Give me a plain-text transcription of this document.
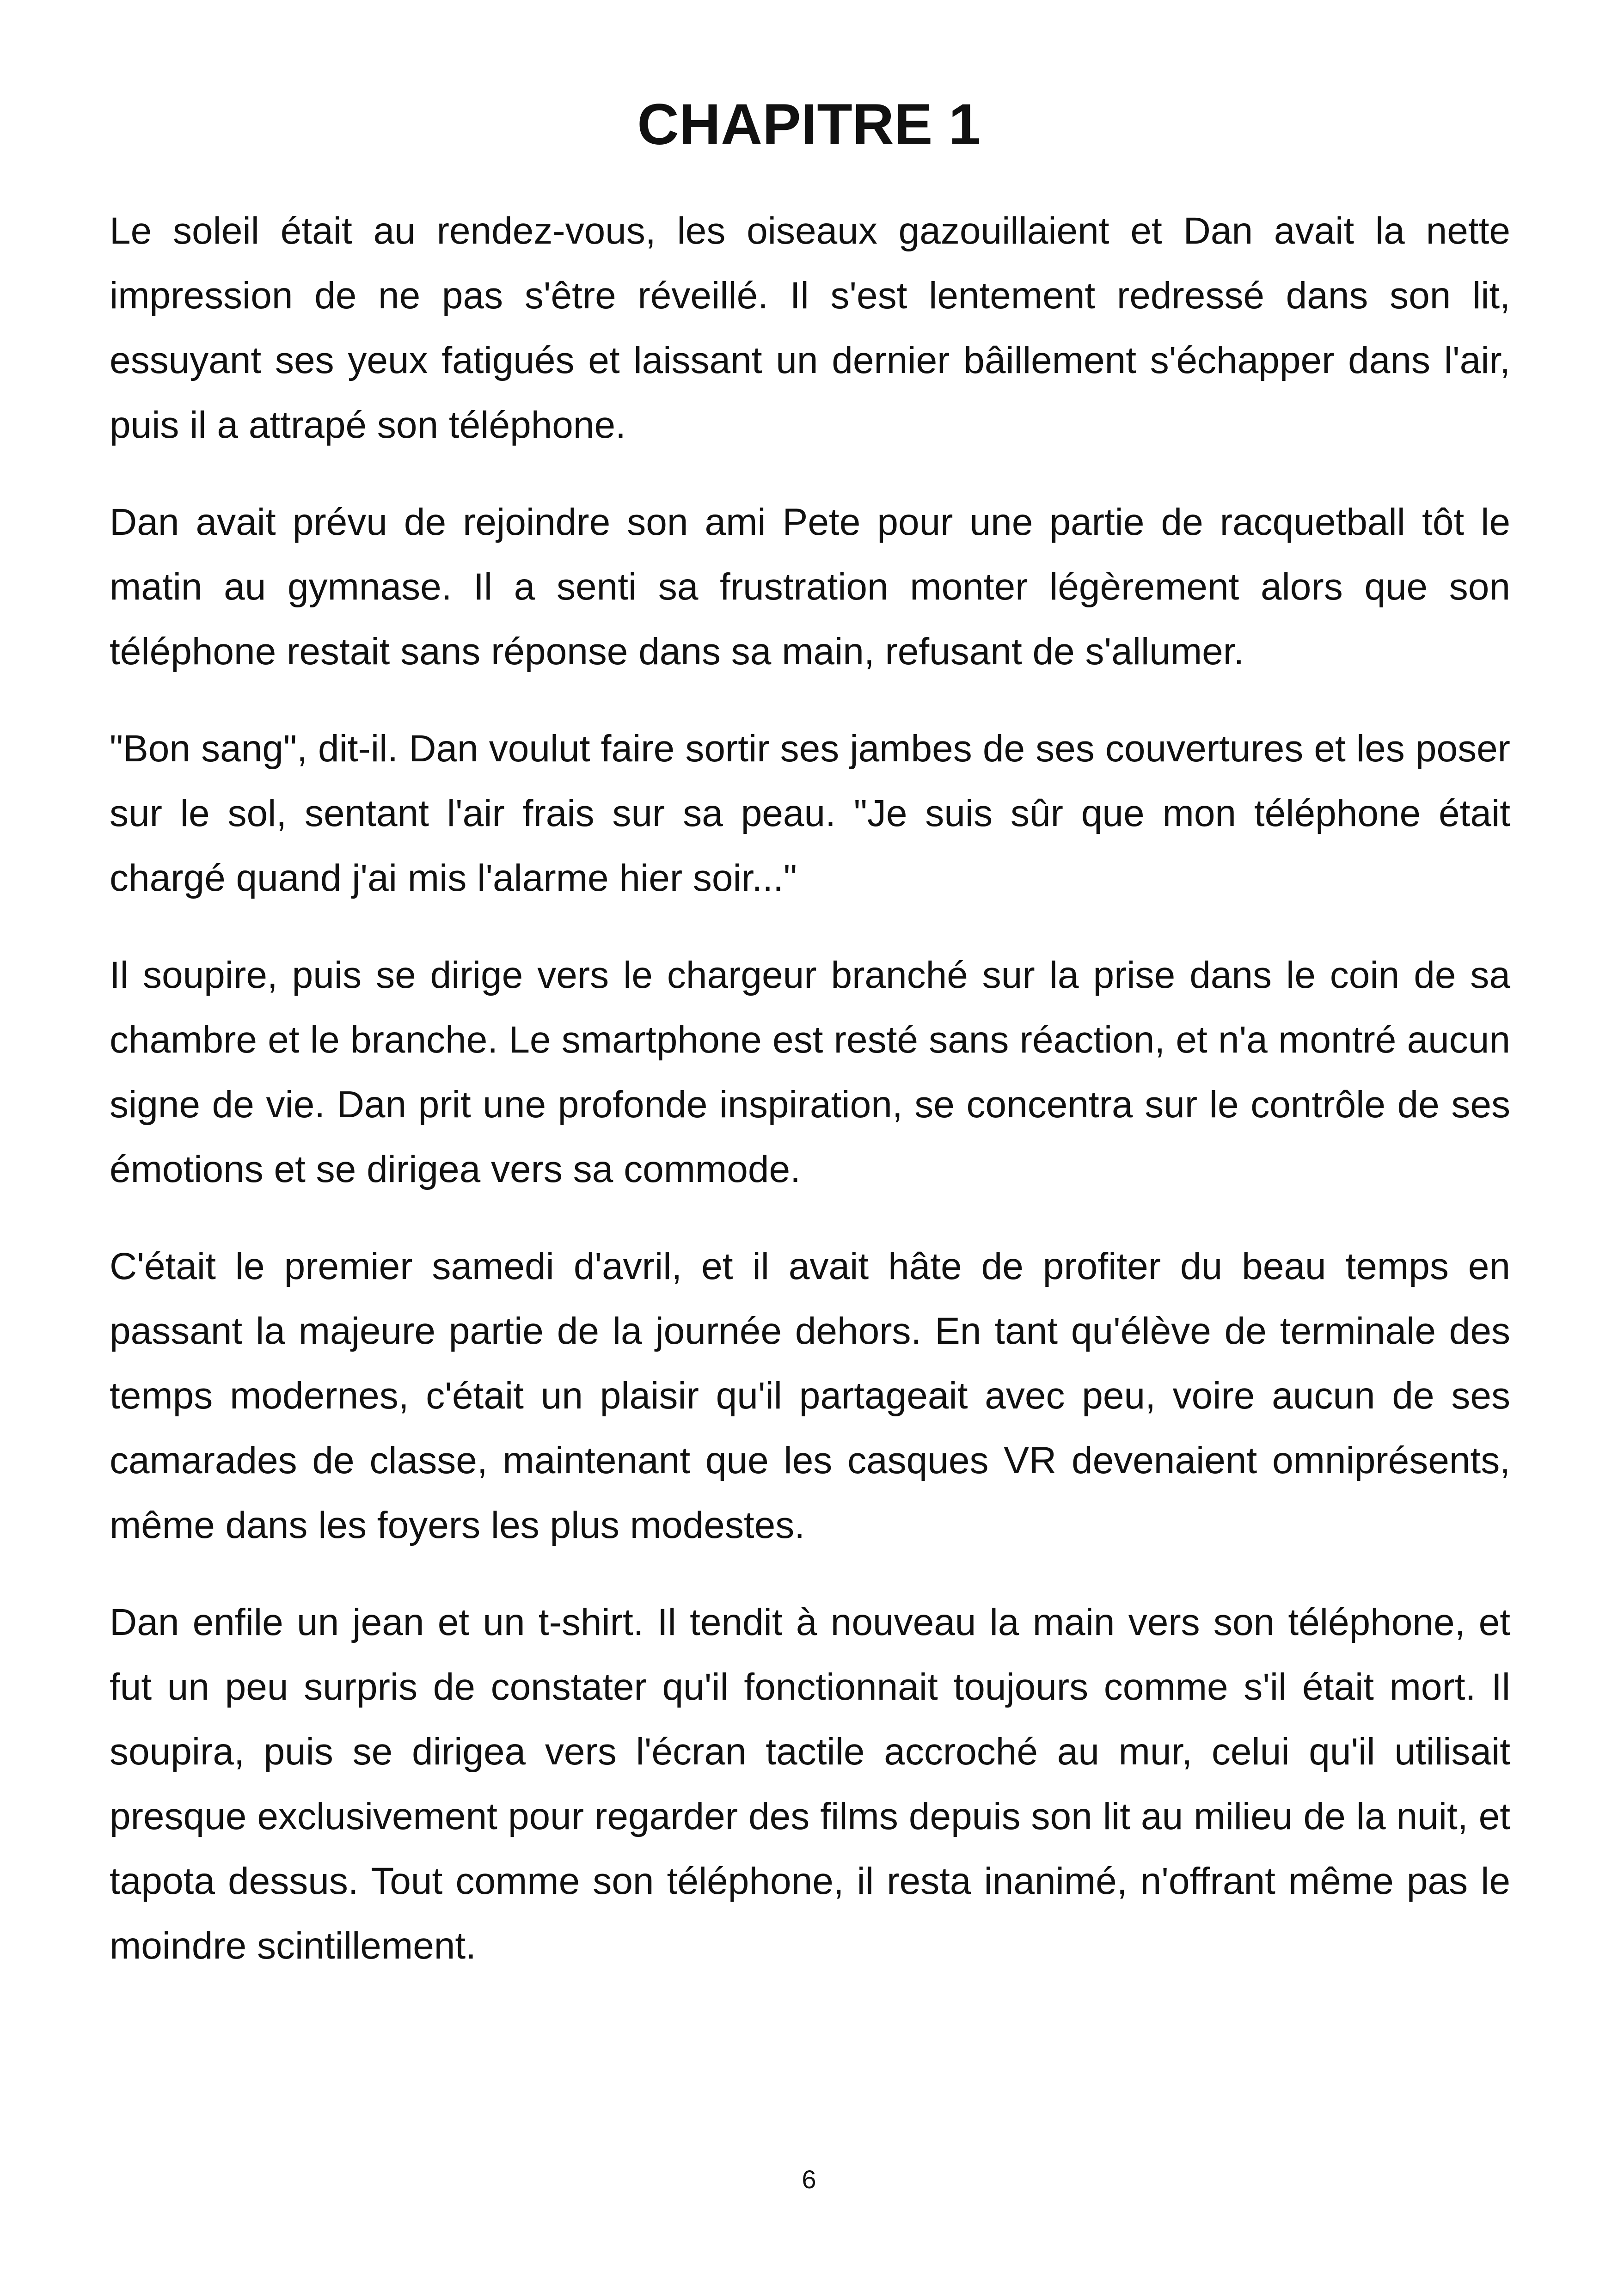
CHAPITRE 1

Le soleil était au rendez-vous, les oiseaux gazouillaient et Dan avait la nette impression de ne pas s'être réveillé. Il s'est lentement redressé dans son lit, essuyant ses yeux fatigués et laissant un dernier bâillement s'échapper dans l'air, puis il a attrapé son téléphone.

Dan avait prévu de rejoindre son ami Pete pour une partie de racquetball tôt le matin au gymnase. Il a senti sa frustration monter légèrement alors que son téléphone restait sans réponse dans sa main, refusant de s'allumer.

"Bon sang", dit-il. Dan voulut faire sortir ses jambes de ses couvertures et les poser sur le sol, sentant l'air frais sur sa peau. "Je suis sûr que mon téléphone était chargé quand j'ai mis l'alarme hier soir..."

Il soupire, puis se dirige vers le chargeur branché sur la prise dans le coin de sa chambre et le branche. Le smartphone est resté sans réaction, et n'a montré aucun signe de vie. Dan prit une profonde inspiration, se concentra sur le contrôle de ses émotions et se dirigea vers sa commode.

C'était le premier samedi d'avril, et il avait hâte de profiter du beau temps en passant la majeure partie de la journée dehors. En tant qu'élève de terminale des temps modernes, c'était un plaisir qu'il partageait avec peu, voire aucun de ses camarades de classe, maintenant que les casques VR devenaient omniprésents, même dans les foyers les plus modestes.

Dan enfile un jean et un t-shirt. Il tendit à nouveau la main vers son téléphone, et fut un peu surpris de constater qu'il fonctionnait toujours comme s'il était mort. Il soupira, puis se dirigea vers l'écran tactile accroché au mur, celui qu'il utilisait presque exclusivement pour regarder des films depuis son lit au milieu de la nuit, et tapota dessus. Tout comme son téléphone, il resta inanimé, n'offrant même pas le moindre scintillement.

6
